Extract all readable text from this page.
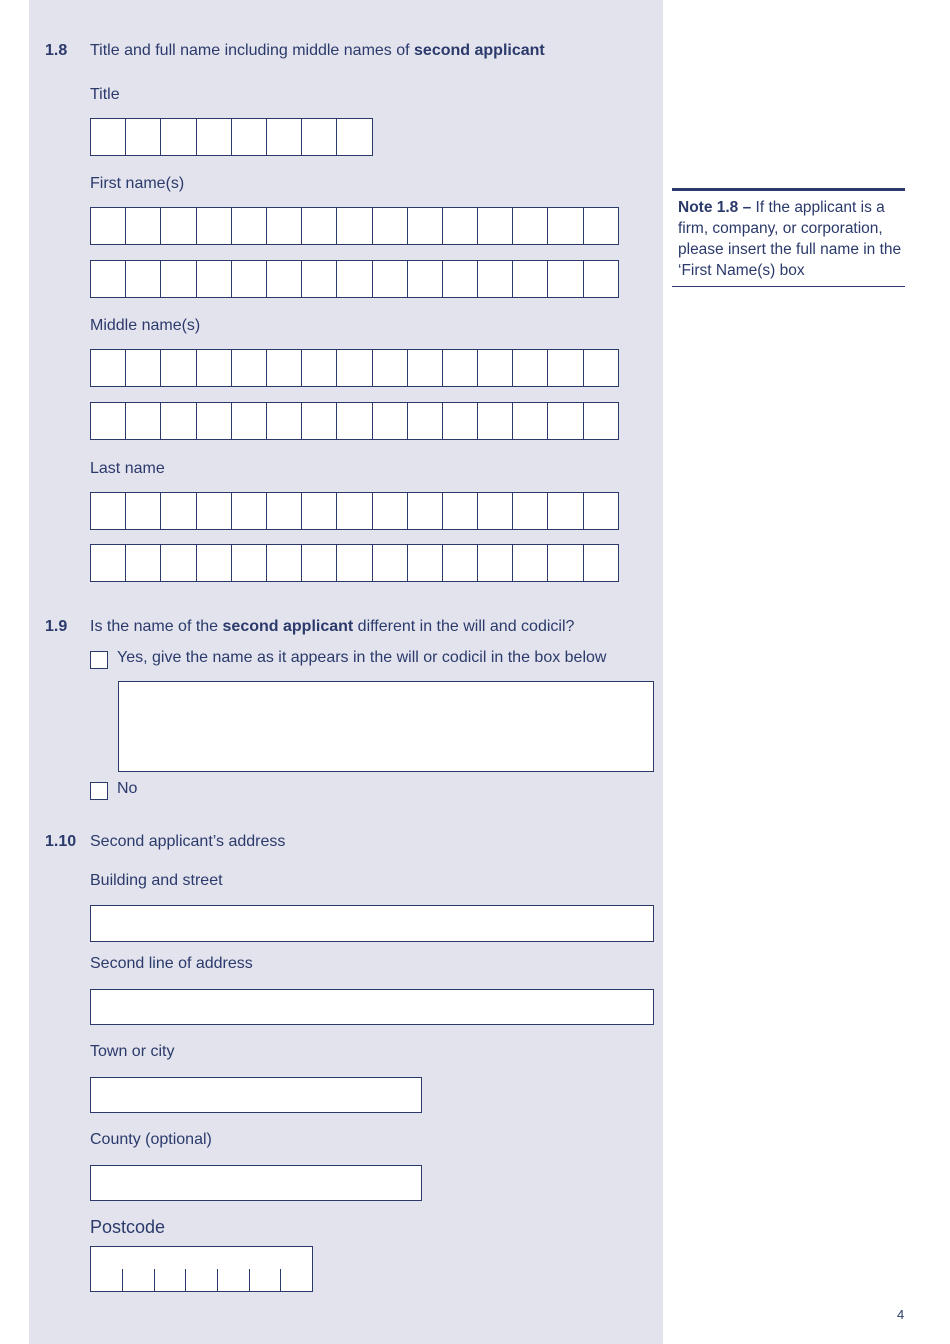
1.8 Title and full name including middle names of second applicant
Title
First name(s)
Middle name(s)
Last name
1.9 Is the name of the second applicant different in the will and codicil?
Yes, give the name as it appears in the will or codicil in the box below
No
1.10 Second applicant’s address
Building and street
Second line of address
Town or city
County (optional)
Postcode
Note 1.8 – If the applicant is a firm, company, or corporation, please insert the full name in the ‘First Name(s) box
4
